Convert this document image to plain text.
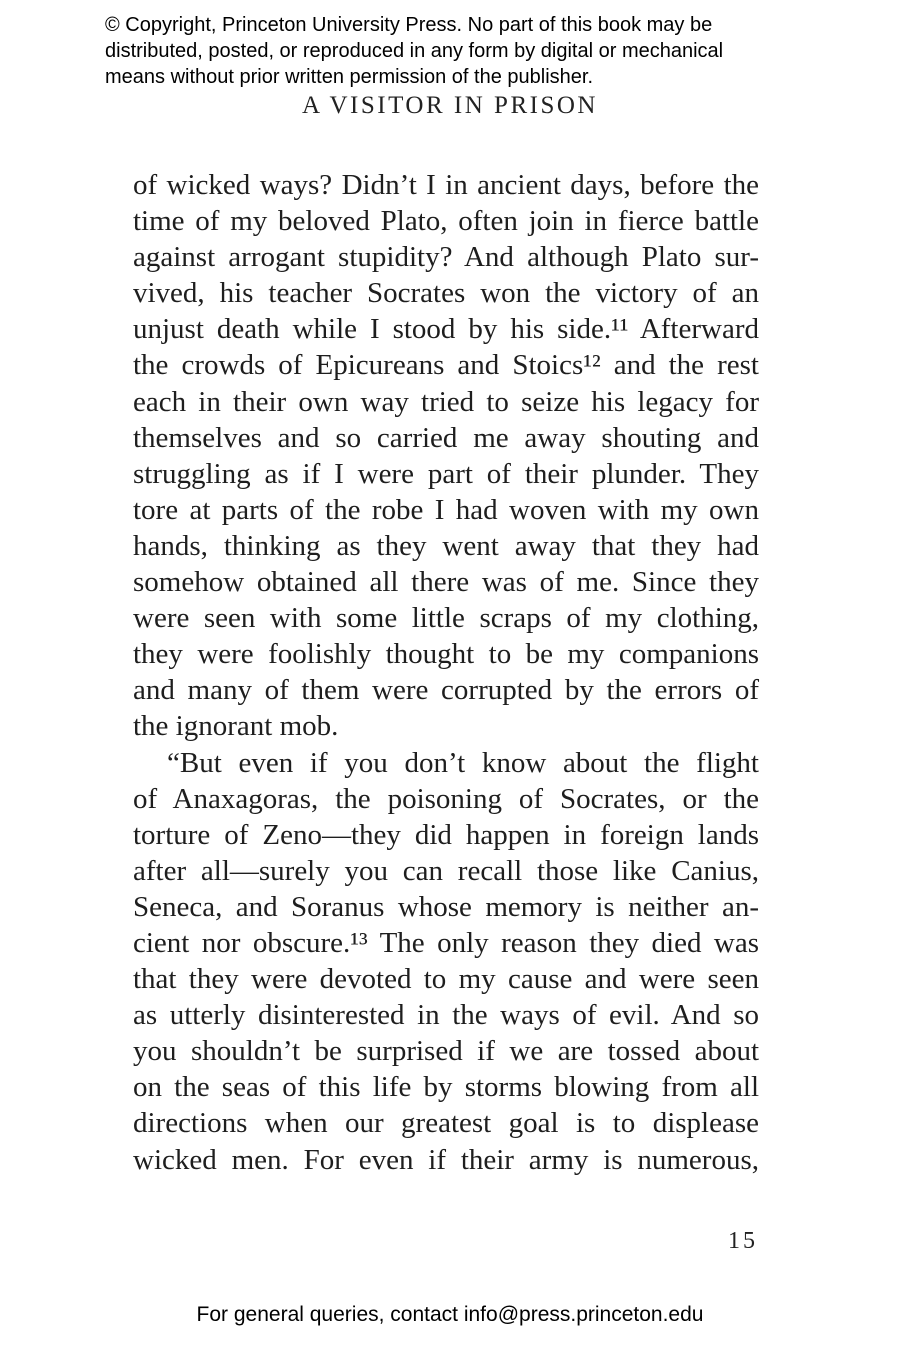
© Copyright, Princeton University Press. No part of this book may be
distributed, posted, or reproduced in any form by digital or mechanical
means without prior written permission of the publisher.
A VISITOR IN PRISON
of wicked ways? Didn’t I in ancient days, before the
time of my beloved Plato, often join in fierce battle
against arrogant stupidity? And although Plato sur-
vived, his teacher Socrates won the victory of an
unjust death while I stood by his side.¹¹ Afterward
the crowds of Epicureans and Stoics¹² and the rest
each in their own way tried to seize his legacy for
themselves and so carried me away shouting and
struggling as if I were part of their plunder. They
tore at parts of the robe I had woven with my own
hands, thinking as they went away that they had
somehow obtained all there was of me. Since they
were seen with some little scraps of my clothing,
they were foolishly thought to be my companions
and many of them were corrupted by the errors of
the ignorant mob.
“But even if you don’t know about the flight
of Anaxagoras, the poisoning of Socrates, or the
torture of Zeno—they did happen in foreign lands
after all—surely you can recall those like Canius,
Seneca, and Soranus whose memory is neither an-
cient nor obscure.¹³ The only reason they died was
that they were devoted to my cause and were seen
as utterly disinterested in the ways of evil. And so
you shouldn’t be surprised if we are tossed about
on the seas of this life by storms blowing from all
directions when our greatest goal is to displease
wicked men. For even if their army is numerous,
15
For general queries, contact info@press.princeton.edu
